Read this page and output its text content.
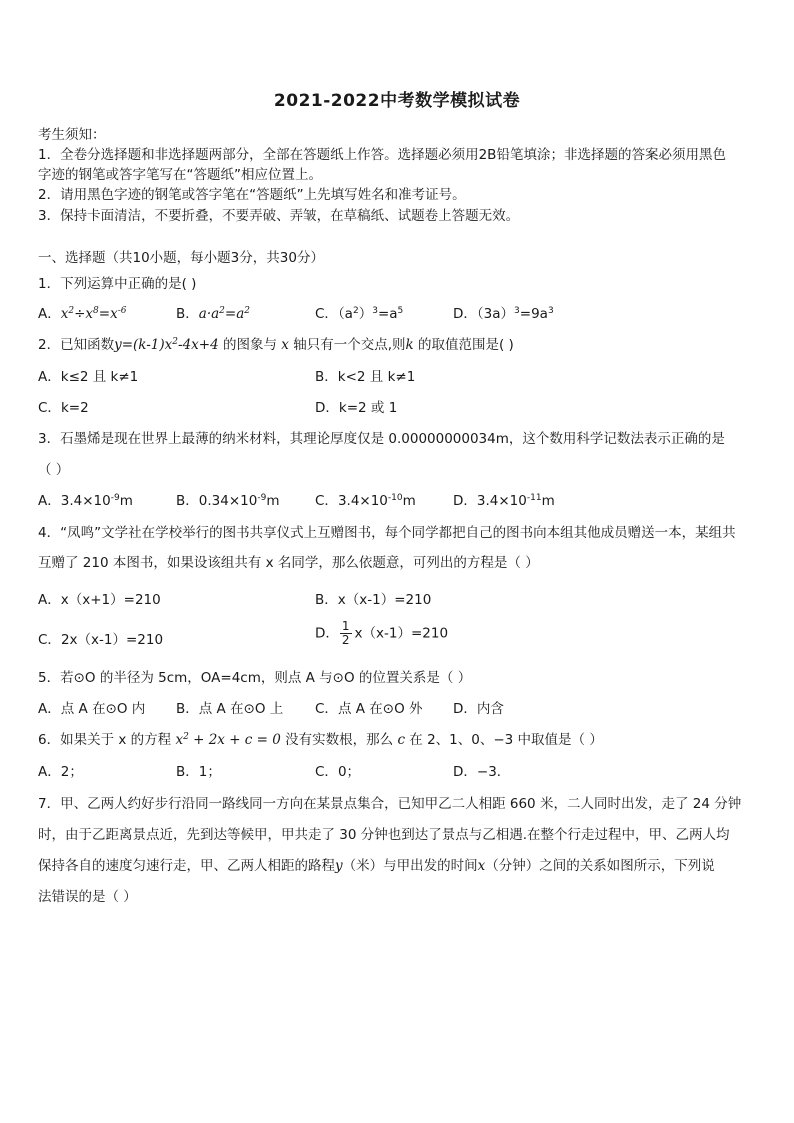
2021-2022中考数学模拟试卷
考生须知：
1．全卷分选择题和非选择题两部分，全部在答题纸上作答。选择题必须用2B铅笔填涂；非选择题的答案必须用黑色
字迹的钢笔或答字笔写在“答题纸”相应位置上。
2．请用黑色字迹的钢笔或答字笔在“答题纸”上先填写姓名和准考证号。
3．保持卡面清洁，不要折叠，不要弄破、弄皱，在草稿纸、试题卷上答题无效。
一、选择题（共10小题，每小题3分，共30分）
1．下列运算中正确的是( )
A．$x^2\div x^8=x^{-6}$	B．$a\cdot a^2=a^2$	C．$(a^2)^3=a^5$	D．$(3a)^3=9a^3$
2．已知函数$y=(k-1)x^2-4x+4$ 的图象与 x 轴只有一个交点,则k 的取值范围是( )
A．k≤2 且 k≠1	B．k<2 且 k≠1
C．k=2	D．k=2 或 1
3．石墨烯是现在世界上最薄的纳米材料，其理论厚度仅是 0.00000000034m，这个数用科学记数法表示正确的是
（ ）
A．$3.4\times 10^{-9}m$	B．$0.34\times 10^{-9}m$	C．$3.4\times 10^{-10}m$	D．$3.4\times 10^{-11}m$
4．“凤鸣”文学社在学校举行的图书共享仪式上互赠图书，每个同学都把自己的图书向本组其他成员赠送一本，某组共
互赠了 210 本图书，如果设该组共有 x 名同学，那么依题意，可列出的方程是（ ）
A．x（x+1）=210	B．x（x-1）=210
C．2x（x-1）=210	D． $\frac{1}{2} x(x-1)=210$
5．若⊙O 的半径为 5cm，OA=4cm，则点 A 与⊙O 的位置关系是（ ）
A．点 A 在⊙O 内 B．点 A 在⊙O 上 C．点 A 在⊙O 外 D．内含
6．如果关于 x 的方程 $x^2 + 2x + c = 0$ 没有实数根，那么 c 在 2、1、0、−3 中取值是（ ）
A．2；	B．1；	C．0；	D．−3．
7．甲、乙两人约好步行沿同一路线同一方向在某景点集合，已知甲乙二人相距 660 米，二人同时出发，走了 24 分钟
时，由于乙距离景点近，先到达等候甲，甲共走了 30 分钟也到达了景点与乙相遇.在整个行走过程中，甲、乙两人均
保持各自的速度匀速行走，甲、乙两人相距的路程y（米）与甲出发的时间x（分钟）之间的关系如图所示，下列说
法错误的是（ ）
